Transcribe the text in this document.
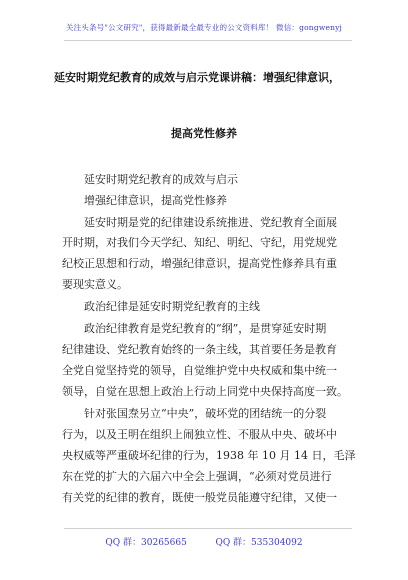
关注头条号"公文研究"，获得最新最全最专业的公文资料库！ 微信：gongwenyj
延安时期党纪教育的成效与启示党课讲稿：增强纪律意识，
提高党性修养
延安时期党纪教育的成效与启示
增强纪律意识，提高党性修养
延安时期是党的纪律建设系统推进、党纪教育全面展
开时期，对我们今天学纪、知纪、明纪、守纪，用党规党
纪校正思想和行动，增强纪律意识，提高党性修养具有重
要现实意义。
政治纪律是延安时期党纪教育的主线
政治纪律教育是党纪教育的“纲”，是贯穿延安时期
纪律建设、党纪教育始终的一条主线，其首要任务是教育
全党自觉坚持党的领导，自觉维护党中央权威和集中统一
领导，自觉在思想上政治上行动上同党中央保持高度一致。
针对张国焘另立“中央”，破坏党的团结统一的分裂
行为，以及王明在组织上闹独立性、不服从中央、破坏中
央权威等严重破坏纪律的行为，1938 年 10 月 14 日，毛泽
东在党的扩大的六届六中全会上强调，“必须对党员进行
有关党的纪律的教育，既使一般党员能遵守纪律，又使一
QQ 群：30265665          QQ 群：535304092
